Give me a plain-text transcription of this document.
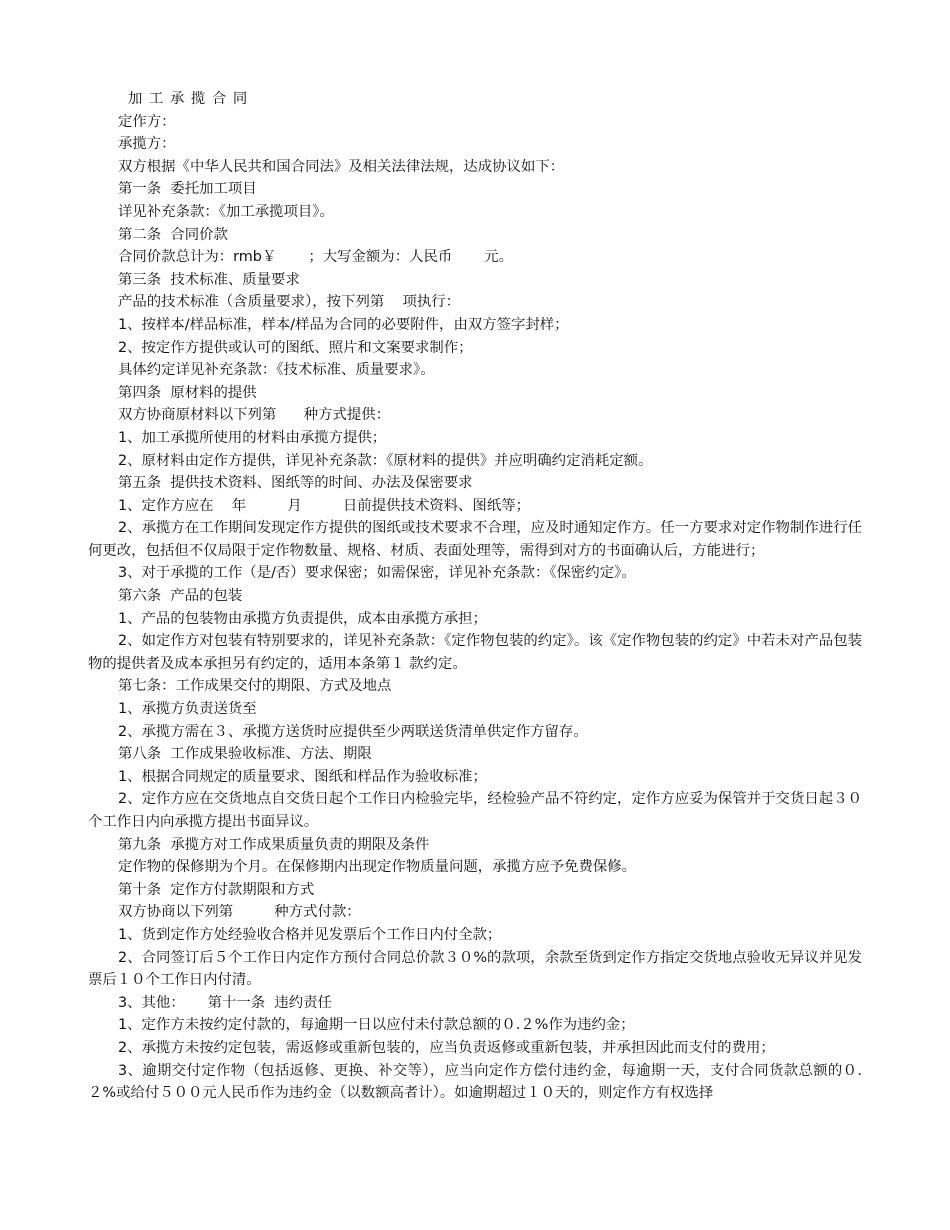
加 工 承 揽 合 同
定作方：
承揽方：
双方根据《中华人民共和国合同法》及相关法律法规，达成协议如下：
第一条  委托加工项目
详见补充条款：《加工承揽项目》。
第二条  合同价款
合同价款总计为：rmb￥       ；大写金额为：人民币       元。
第三条  技术标准、质量要求
产品的技术标准（含质量要求），按下列第    项执行：
1、按样本/样品标准，样本/样品为合同的必要附件，由双方签字封样；
2、按定作方提供或认可的图纸、照片和文案要求制作；
具体约定详见补充条款：《技术标准、质量要求》。
第四条  原材料的提供
双方协商原材料以下列第      种方式提供：
1、加工承揽所使用的材料由承揽方提供；
2、原材料由定作方提供，详见补充条款：《原材料的提供》并应明确约定消耗定额。
第五条  提供技术资料、图纸等的时间、办法及保密要求
1、定作方应在    年         月         日前提供技术资料、图纸等；
2、承揽方在工作期间发现定作方提供的图纸或技术要求不合理，应及时通知定作方。任一方要求对定作物制作进行任何更改，包括但不仅局限于定作物数量、规格、材质、表面处理等，需得到对方的书面确认后，方能进行；
3、对于承揽的工作（是/否）要求保密；如需保密，详见补充条款：《保密约定》。
第六条  产品的包装
1、产品的包装物由承揽方负责提供，成本由承揽方承担；
2、如定作方对包装有特别要求的，详见补充条款：《定作物包装的约定》。该《定作物包装的约定》中若未对产品包装物的提供者及成本承担另有约定的，适用本条第１ 款约定。
第七条：工作成果交付的期限、方式及地点
1、承揽方负责送货至
2、承揽方需在３、承揽方送货时应提供至少两联送货清单供定作方留存。
第八条  工作成果验收标准、方法、期限
1、根据合同规定的质量要求、图纸和样品作为验收标准；
2、定作方应在交货地点自交货日起个工作日内检验完毕，经检验产品不符约定，定作方应妥为保管并于交货日起３０个工作日内向承揽方提出书面异议。
第九条  承揽方对工作成果质量负责的期限及条件
定作物的保修期为个月。在保修期内出现定作物质量问题，承揽方应予免费保修。
第十条  定作方付款期限和方式
双方协商以下列第         种方式付款：
1、货到定作方处经验收合格并见发票后个工作日内付全款；
2、合同签订后５个工作日内定作方预付合同总价款３０%的款项，余款至货到定作方指定交货地点验收无异议并见发票后１０个工作日内付清。
3、其他：     第十一条  违约责任
1、定作方未按约定付款的，每逾期一日以应付未付款总额的０.２%作为违约金；
2、承揽方未按约定包装，需返修或重新包装的，应当负责返修或重新包装，并承担因此而支付的费用；
3、逾期交付定作物（包括返修、更换、补交等），应当向定作方偿付违约金，每逾期一天，支付合同货款总额的０.２%或给付５００元人民币作为违约金（以数额高者计）。如逾期超过１０天的，则定作方有权选择
